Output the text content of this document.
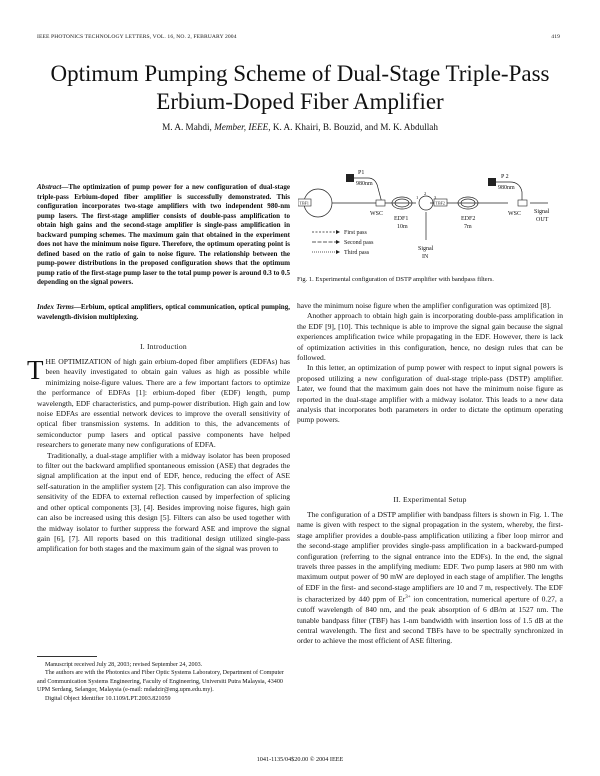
IEEE PHOTONICS TECHNOLOGY LETTERS, VOL. 16, NO. 2, FEBRUARY 2004	419
Optimum Pumping Scheme of Dual-Stage Triple-Pass Erbium-Doped Fiber Amplifier
M. A. Mahdi, Member, IEEE, K. A. Khairi, B. Bouzid, and M. K. Abdullah
Abstract—The optimization of pump power for a new configuration of dual-stage triple-pass Erbium-doped fiber amplifier is successfully demonstrated. This configuration incorporates two-stage amplifiers with two independent 980-nm pump lasers. The first-stage amplifier consists of double-pass amplification to obtain high gains and the second-stage amplifier is single-pass amplification in backward pumping schemes. The maximum gain that obtained in the experiment does not have the minimum noise figure. Therefore, the optimum operating point is defined based on the ratio of gain to noise figure. The relationship between the pump-power distributions in the proposed configuration shows that the optimum pump ratio of the first-stage pump laser to the total pump power is around 0.3 to 0.5 depending on the signal powers.
Index Terms—Erbium, optical amplifiers, optical communication, optical pumping, wavelength-division multiplexing.
I. Introduction

THE OPTIMIZATION of high gain erbium-doped fiber amplifiers (EDFAs) has been heavily investigated to obtain gain values as high as possible while minimizing noise-figure values. There are a few important factors to optimize the performance of EDFAs [1]: erbium-doped fiber (EDF) length, pump wavelength, EDF characteristics, and pump-power distribution. High gain and low noise EDFAs are essential network devices to improve the overall sensitivity of optical fiber transmission systems. In addition to this, the advancements of semiconductor pump lasers and optical passive components have helped researchers to generate many new configurations of EDFA.

Traditionally, a dual-stage amplifier with a midway isolator has been proposed to filter out the backward amplified spontaneous emission (ASE) that degrades the signal amplification at the input end of EDF, hence, reducing the effect of ASE self-saturation in the amplifier system [2]. This configuration can also improve the sensitivity of the EDFA to external reflection caused by imperfection of splicing and other optical components [3], [4]. Besides improving noise figures, high gain can also be increased using this design [5]. Filters can also be used together with the midway isolator to further suppress the forward ASE and improve the signal gain [6], [7]. All reports based on this traditional design utilized single-pass amplification for both stages and the maximum gain of the signal was proven to

Manuscript received July 28, 2003; revised September 24, 2003.

The authors are with the Photonics and Fiber Optic Systems Laboratory, Department of Computer and Communication Systems Engineering, Faculty of Engineering, Universiti Putra Malaysia, 43400 UPM Serdang, Selangor, Malaysia (e-mail: mdadzir@eng.upm.edu.my).

Digital Object Identifier 10.1109/LPT.2003.821059

P1
980nm
P 2
980nm
TBF1	TBF2
WSC	WSC
EDF1
10m
EDF2
7m
Signal
OUT
Signal
IN
1
2
3
First pass
Second pass
Third pass
Fig. 1. Experimental configuration of DSTP amplifier with bandpass filters.

have the minimum noise figure when the amplifier configuration was optimized [8].

Another approach to obtain high gain is incorporating double-pass amplification in the EDF [9], [10]. This technique is able to improve the signal gain because the signal experiences amplification twice while propagating in the EDF. However, there is lack of optimization activities in this configuration, hence, no design rules that can be followed.

In this letter, an optimization of pump power with respect to input signal powers is proposed utilizing a new configuration of dual-stage triple-pass (DSTP) amplifier. Later, we found that the maximum gain does not have the minimum noise figure as reported in the dual-stage amplifier with a midway isolator. This leads to a new data analysis that incorporates both parameters in order to dictate the optimum operating pump powers.

II. Experimental Setup

The configuration of a DSTP amplifier with bandpass filters is shown in Fig. 1. The name is given with respect to the signal propagation in the system, whereby, the first-stage amplifier provides a double-pass amplification utilizing a fiber loop mirror and the second-stage amplifier provides single-pass amplification in a backward-pumped configuration (referring to the signal entrance into the EDFs). In the end, the signal travels three passes in the amplifying medium: EDF. Two pump lasers at 980 nm with maximum output power of 90 mW are deployed in each stage of amplifier. The lengths of EDF in the first- and second-stage amplifiers are 10 and 7 m, respectively. The EDF is characterized by 440 ppm of $Er^{3+}$ ion concentration, numerical aperture of 0.27, a cutoff wavelength of 840 nm, and the peak absorption of 6 dB/m at 1527 nm. The tunable bandpass filter (TBF) has 1-nm bandwidth with insertion loss of 1.5 dB at the central wavelength. The first and second TBFs have to be spectrally synchronized in order to achieve the most efficient of ASE filtering.

1041-1135/04$20.00 © 2004 IEEE
